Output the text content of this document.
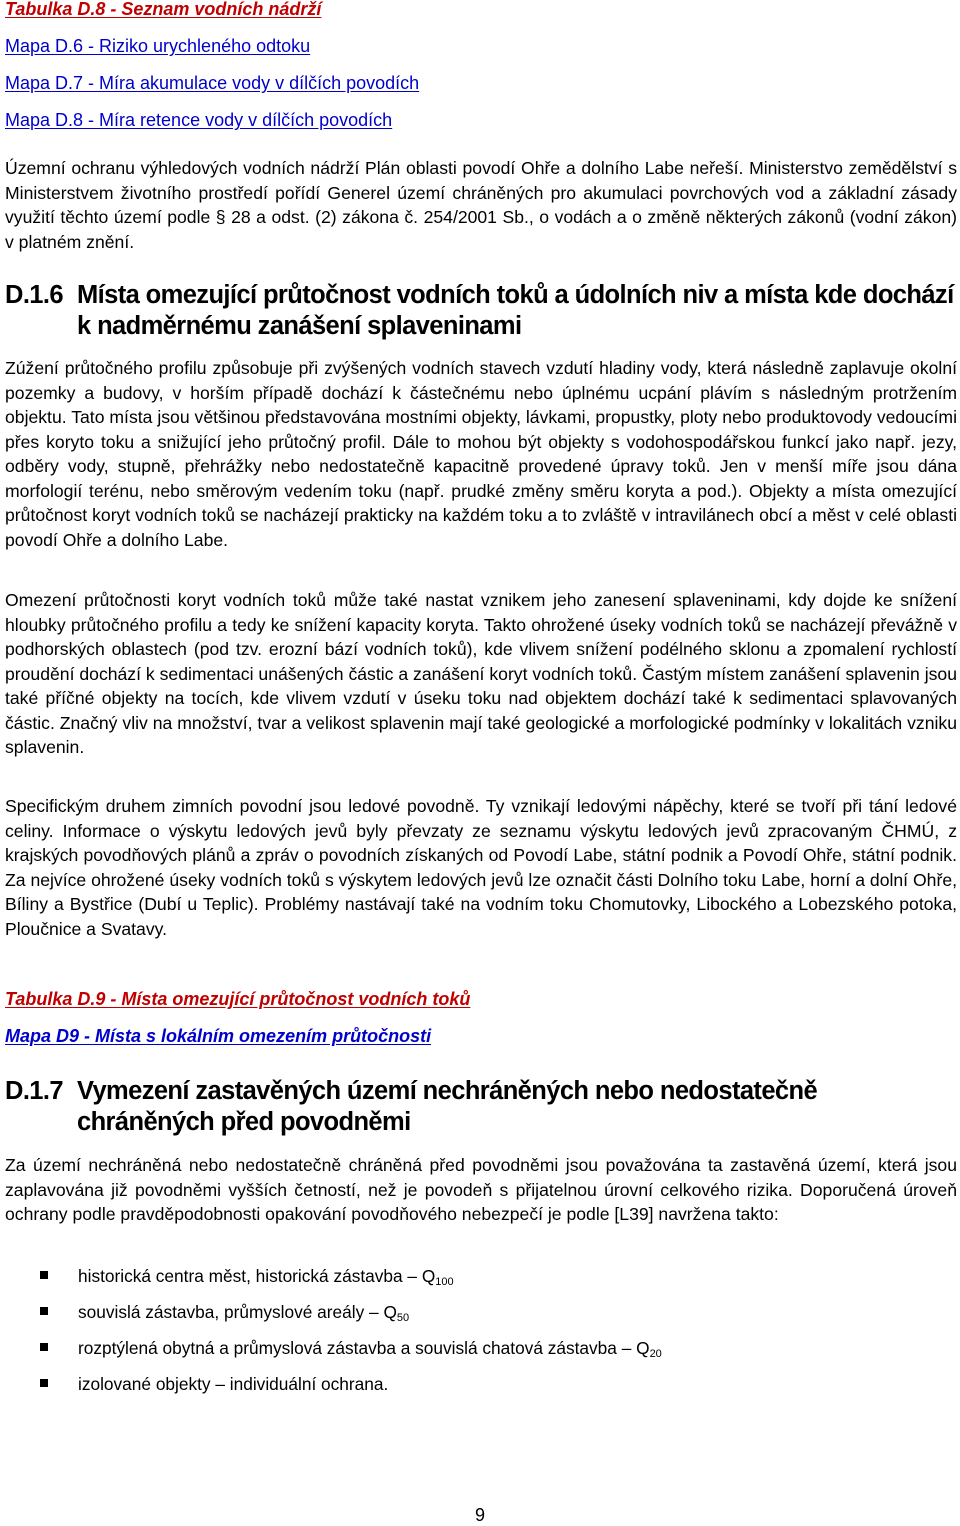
Tabulka D.8 - Seznam vodních nádrží
Mapa D.6 - Riziko urychleného odtoku
Mapa D.7 - Míra akumulace vody v dílčích povodích
Mapa D.8 - Míra retence vody v dílčích povodích

Územní ochranu výhledových vodních nádrží Plán oblasti povodí Ohře a dolního Labe neřeší. Ministerstvo zemědělství s Ministerstvem životního prostředí pořídí Generel území chráněných pro akumulaci povrchových vod a základní zásady využití těchto území podle § 28 a odst. (2) zákona č. 254/2001 Sb., o vodách a o změně některých zákonů (vodní zákon) v platném znění.

D.1.6 Místa omezující průtočnost vodních toků a údolních niv a místa kde dochází k nadměrnému zanášení splaveninami

Zúžení průtočného profilu způsobuje při zvýšených vodních stavech vzdutí hladiny vody, která následně zaplavuje okolní pozemky a budovy, v horším případě dochází k částečnému nebo úplnému ucpání plávím s následným protržením objektu. Tato místa jsou většinou představována mostními objekty, lávkami, propustky, ploty nebo produktovody vedoucími přes koryto toku a snižující jeho průtočný profil. Dále to mohou být objekty s vodohospodářskou funkcí jako např. jezy, odběry vody, stupně, přehrážky nebo nedostatečně kapacitně provedené úpravy toků. Jen v menší míře jsou dána morfologií terénu, nebo směrovým vedením toku (např. prudké změny směru koryta a pod.). Objekty a místa omezující průtočnost koryt vodních toků se nacházejí prakticky na každém toku a to zvláště v intravilánech obcí a měst v celé oblasti povodí Ohře a dolního Labe.

Omezení průtočnosti koryt vodních toků může také nastat vznikem jeho zanesení splaveninami, kdy dojde ke snížení hloubky průtočného profilu a tedy ke snížení kapacity koryta. Takto ohrožené úseky vodních toků se nacházejí převážně v podhorských oblastech (pod tzv. erozní bází vodních toků), kde vlivem snížení podélného sklonu a zpomalení rychlostí proudění dochází k sedimentaci unášených částic a zanášení koryt vodních toků. Častým místem zanášení splavenin jsou také příčné objekty na tocích, kde vlivem vzdutí v úseku toku nad objektem dochází také k sedimentaci splavovaných částic. Značný vliv na množství, tvar a velikost splavenin mají také geologické a morfologické podmínky v lokalitách vzniku splavenin.

Specifickým druhem zimních povodní jsou ledové povodně. Ty vznikají ledovými nápěchy, které se tvoří při tání ledové celiny. Informace o výskytu ledových jevů byly převzaty ze seznamu výskytu ledových jevů zpracovaným ČHMÚ, z krajských povodňových plánů a zpráv o povodních získaných od Povodí Labe, státní podnik a Povodí Ohře, státní podnik. Za nejvíce ohrožené úseky vodních toků s výskytem ledových jevů lze označit části Dolního toku Labe, horní a dolní Ohře, Bíliny a Bystřice (Dubí u Teplic). Problémy nastávají také na vodním toku Chomutovky, Libockého a Lobezského potoka, Ploučnice a Svatavy.

Tabulka D.9 - Místa omezující průtočnost vodních toků
Mapa D9 - Místa s lokálním omezením průtočnosti
D.1.7 Vymezení zastavěných území nechráněných nebo nedostatečně chráněných před povodněmi

Za území nechráněná nebo nedostatečně chráněná před povodněmi jsou považována ta zastavěná území, která jsou zaplavována již povodněmi vyšších četností, než je povodeň s přijatelnou úrovní celkového rizika. Doporučená úroveň ochrany podle pravděpodobnosti opakování povodňového nebezpečí je podle [L39] navržena takto:

historická centra měst, historická zástavba – $Q_{100}$
souvislá zástavba, průmyslové areály – $Q_{50}$
rozptýlená obytná a průmyslová zástavba a souvislá chatová zástavba – $Q_{20}$
izolované objekty – individuální ochrana.
9
